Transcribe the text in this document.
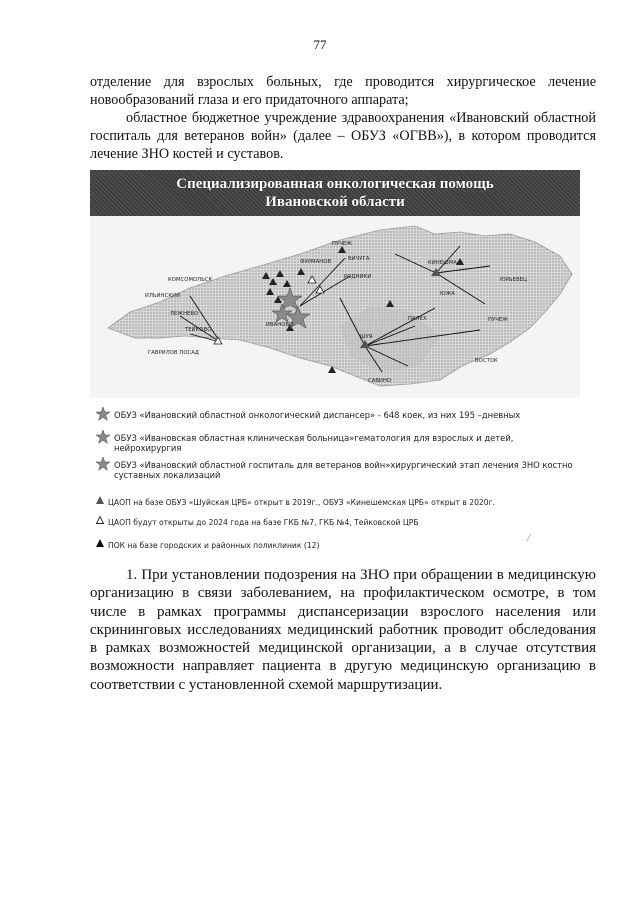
77

отделение для взрослых больных, где проводится хирургическое лечение новообразований глаза и его придаточного аппарата;

областное бюджетное учреждение здравоохранения «Ивановский областной госпиталь для ветеранов войн» (далее – ОБУЗ «ОГВВ»), в котором проводится лечение ЗНО костей и суставов.

Специализированная онкологическая помощь
Ивановской области
ПУЧЕЖ
ВИЧУГА
РОДНИКИ
ЮЖА
КИНЕШМА
ФУРМАНОВ
ИЛЬИНСКИЙ
ЛЕЖНЕВО
КОМСОМОЛЬСК
ТЕЙКОВО
ШУЯ
ПУЧЕЖ
ПАЛЕХ
САВИНО
ВОСТОК
ГАВРИЛОВ ПОСАД
ИВАНОВО
ЮРЬЕВЕЦ
ОБУЗ «Ивановский областной онкологический диспансер» - 648 коек, из них 195 –дневных
ОБУЗ «Ивановская областная клиническая больница»гематология для взрослых и детей, нейрохирургия
ОБУЗ «Ивановский областной госпиталь для ветеранов войн»хирургический этап лечения ЗНО костно суставных локализаций
ЦАОП на базе ОБУЗ «Шуйская ЦРБ» открыт в 2019г., ОБУЗ «Кинешемская ЦРБ» открыт в 2020г.
ЦАОП будут открыты до 2024 года на базе ГКБ №7, ГКБ №4, Тейковской ЦРБ
ПОК на базе городских и районных поликлиник (12)
⁄

1. При установлении подозрения на ЗНО при обращении в медицинскую организацию в связи заболеванием, на профилактическом осмотре, в том числе в рамках программы диспансеризации взрослого населения или скрининговых исследованиях медицинский работник проводит обследования в рамках возможностей медицинской организации, а в случае отсутствия возможности направляет пациента в другую медицинскую организацию в соответствии с установленной схемой маршрутизации.
